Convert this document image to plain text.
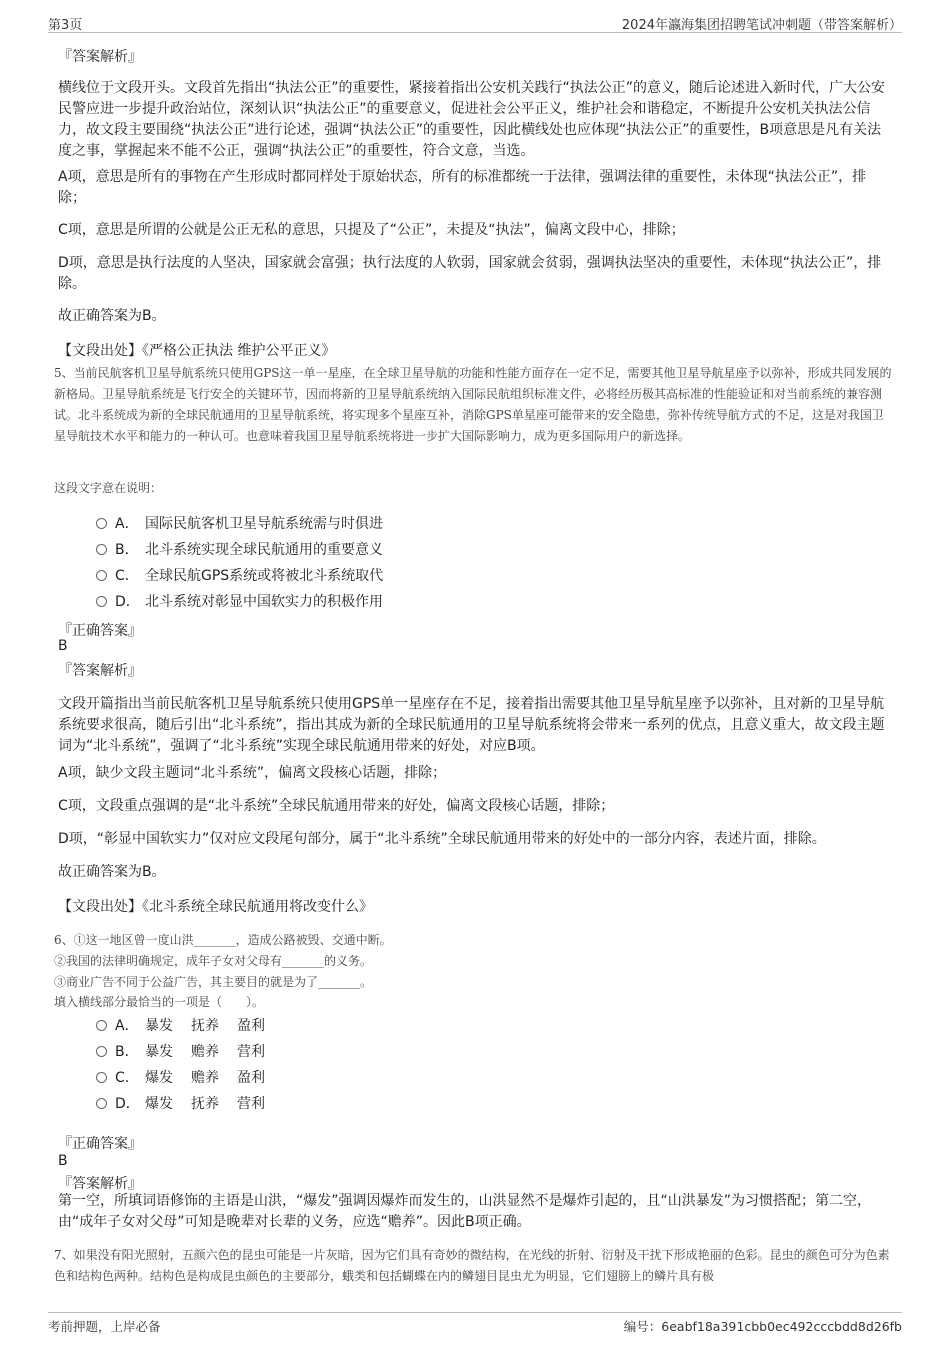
第3页	2024年瀛海集团招聘笔试冲刺题（带答案解析）
『答案解析』
横线位于文段开头。文段首先指出“执法公正”的重要性，紧接着指出公安机关践行“执法公正”的意义，随后论述进入新时代，广大公安民警应进一步提升政治站位，深刻认识“执法公正”的重要意义，促进社会公平正义，维护社会和谐稳定，不断提升公安机关执法公信力，故文段主要围绕“执法公正”进行论述，强调“执法公正”的重要性，因此横线处也应体现“执法公正”的重要性，B项意思是凡有关法度之事，掌握起来不能不公正，强调“执法公正”的重要性，符合文意，当选。
A项，意思是所有的事物在产生形成时都同样处于原始状态，所有的标准都统一于法律，强调法律的重要性，未体现“执法公正”，排除；
C项，意思是所谓的公就是公正无私的意思，只提及了“公正”，未提及“执法”，偏离文段中心，排除；
D项，意思是执行法度的人坚决，国家就会富强；执行法度的人软弱，国家就会贫弱，强调执法坚决的重要性，未体现“执法公正”，排除。
故正确答案为B。
【文段出处】《严格公正执法 维护公平正义》
5、当前民航客机卫星导航系统只使用GPS这一单一星座，在全球卫星导航的功能和性能方面存在一定不足，需要其他卫星导航星座予以弥补，形成共同发展的新格局。卫星导航系统是飞行安全的关键环节，因而将新的卫星导航系统纳入国际民航组织标准文件，必将经历极其高标准的性能验证和对当前系统的兼容测试。北斗系统成为新的全球民航通用的卫星导航系统，将实现多个星座互补，消除GPS单星座可能带来的安全隐患，弥补传统导航方式的不足，这是对我国卫星导航技术水平和能力的一种认可。也意味着我国卫星导航系统将进一步扩大国际影响力，成为更多国际用户的新选择。
这段文字意在说明：
A． 国际民航客机卫星导航系统需与时俱进
B． 北斗系统实现全球民航通用的重要意义
C． 全球民航GPS系统或将被北斗系统取代
D． 北斗系统对彰显中国软实力的积极作用
『正确答案』
B
『答案解析』
文段开篇指出当前民航客机卫星导航系统只使用GPS单一星座存在不足，接着指出需要其他卫星导航星座予以弥补，且对新的卫星导航系统要求很高，随后引出“北斗系统”，指出其成为新的全球民航通用的卫星导航系统将会带来一系列的优点，且意义重大，故文段主题词为“北斗系统”，强调了“北斗系统”实现全球民航通用带来的好处，对应B项。
A项，缺少文段主题词“北斗系统”，偏离文段核心话题，排除；
C项，文段重点强调的是“北斗系统”全球民航通用带来的好处，偏离文段核心话题，排除；
D项，“彰显中国软实力”仅对应文段尾句部分，属于“北斗系统”全球民航通用带来的好处中的一部分内容，表述片面，排除。
故正确答案为B。
【文段出处】《北斗系统全球民航通用将改变什么》
6、①这一地区曾一度山洪_______，造成公路被毁、交通中断。
②我国的法律明确规定，成年子女对父母有_______的义务。
③商业广告不同于公益广告，其主要目的就是为了_______。
填入横线部分最恰当的一项是（　　）。
A． 暴发 抚养 盈利
B． 暴发 赡养 营利
C． 爆发 赡养 盈利
D． 爆发 抚养 营利
『正确答案』
B
『答案解析』
第一空，所填词语修饰的主语是山洪，“爆发”强调因爆炸而发生的，山洪显然不是爆炸引起的，且“山洪暴发”为习惯搭配；第二空，由“成年子女对父母”可知是晚辈对长辈的义务，应选“赡养”。因此B项正确。
7、如果没有阳光照射，五颜六色的昆虫可能是一片灰暗，因为它们具有奇妙的微结构，在光线的折射、衍射及干扰下形成艳丽的色彩。昆虫的颜色可分为色素色和结构色两种。结构色是构成昆虫颜色的主要部分，蛾类和包括蝴蝶在内的鳞翅目昆虫尤为明显，它们翅膀上的鳞片具有极
考前押题，上岸必备	编号：6eabf18a391cbb0ec492cccbdd8d26fb
